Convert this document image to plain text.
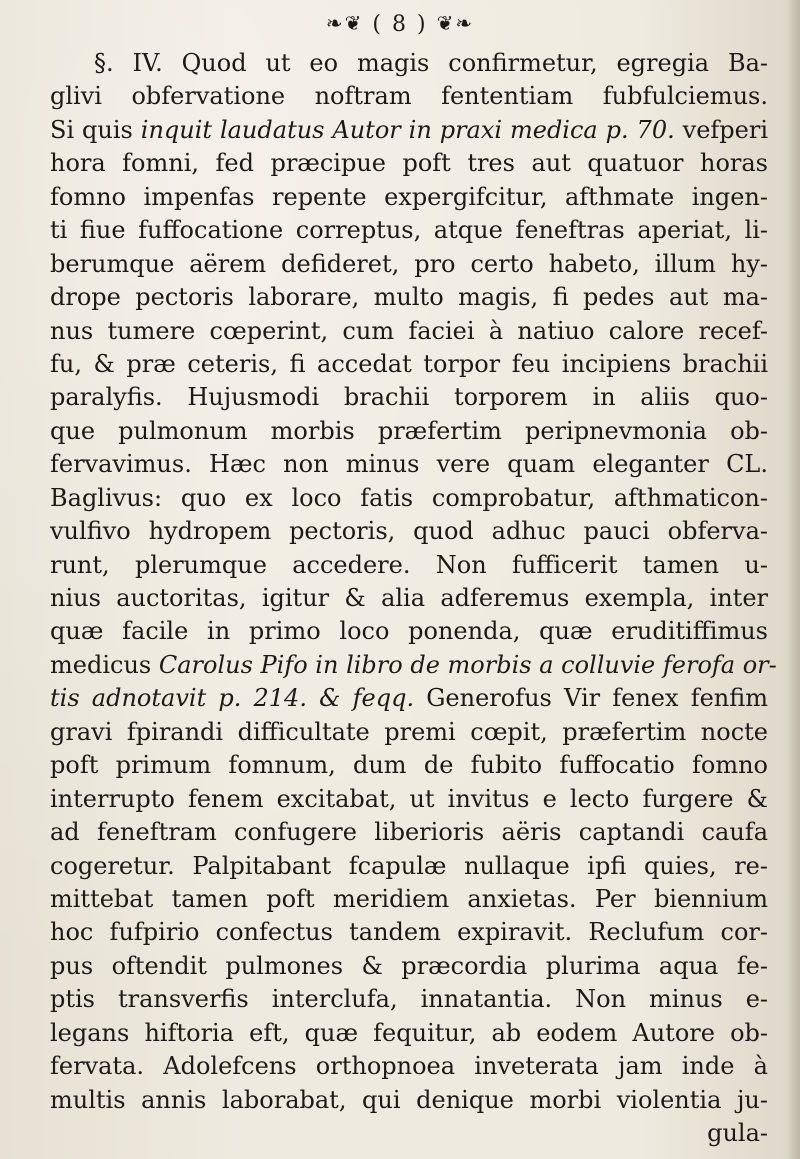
❧❦ ( 8 ) ❦❧
§. IV. Quod ut eo magis confirmetur, egregia Ba-
glivi obfervatione noftram fententiam fubfulciemus.
Si quis inquit laudatus Autor in praxi medica p. 70. vefperi
hora fomni, fed præcipue poft tres aut quatuor horas
fomno impenfas repente expergifcitur, afthmate ingen-
ti fiue fuffocatione correptus, atque feneftras aperiat, li-
berumque aërem defideret, pro certo habeto, illum hy-
drope pectoris laborare, multo magis, fi pedes aut ma-
nus tumere cœperint, cum faciei à natiuo calore recef-
fu, & præ ceteris, fi accedat torpor feu incipiens brachii
paralyfis. Hujusmodi brachii torporem in aliis quo-
que pulmonum morbis præfertim peripnevmonia ob-
fervavimus. Hæc non minus vere quam eleganter CL.
Baglivus: quo ex loco fatis comprobatur, afthmaticon-
vulfivo hydropem pectoris, quod adhuc pauci obferva-
runt, plerumque accedere. Non fufficerit tamen u-
nius auctoritas, igitur & alia adferemus exempla, inter
quæ facile in primo loco ponenda, quæ eruditiffimus
medicus Carolus Pifo in libro de morbis a colluvie ferofa or-
tis adnotavit p. 214. & feqq. Generofus Vir fenex fenfim
gravi fpirandi difficultate premi cœpit, præfertim nocte
poft primum fomnum, dum de fubito fuffocatio fomno
interrupto fenem excitabat, ut invitus e lecto furgere &
ad feneftram confugere liberioris aëris captandi caufa
cogeretur. Palpitabant fcapulæ nullaque ipfi quies, re-
mittebat tamen poft meridiem anxietas. Per biennium
hoc fufpirio confectus tandem expiravit. Reclufum cor-
pus oftendit pulmones & præcordia plurima aqua fe-
ptis transverfis interclufa, innatantia. Non minus e-
legans hiftoria eft, quæ fequitur, ab eodem Autore ob-
fervata. Adolefcens orthopnoea inveterata jam inde à
multis annis laborabat, qui denique morbi violentia ju-
gula-
